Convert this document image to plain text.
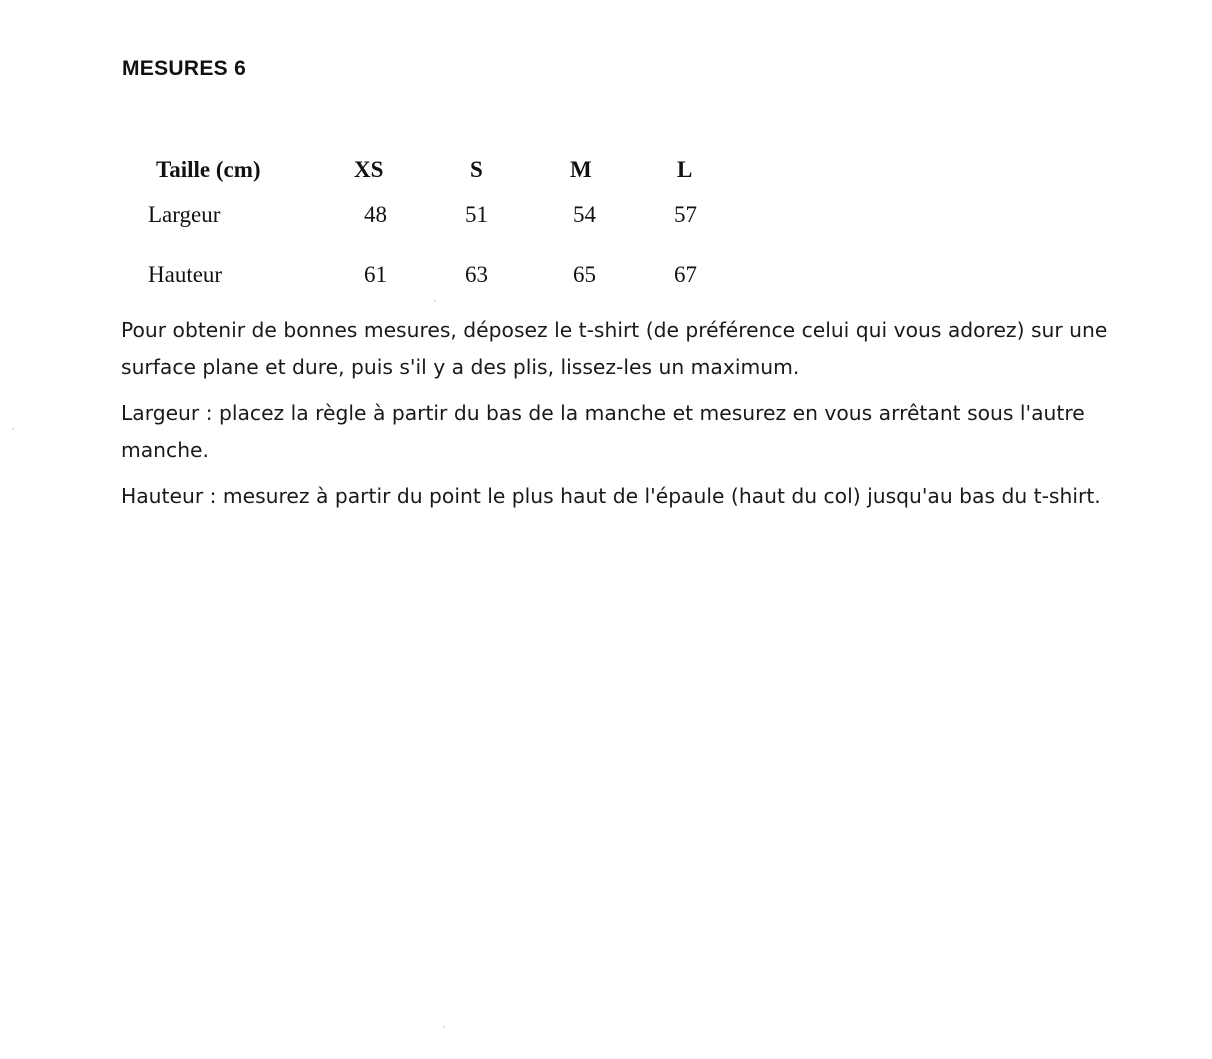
MESURES 6
Taille (cm)	XS	S	M	L
Largeur	48	51	54	57
Hauteur	61	63	65	67

Pour obtenir de bonnes mesures, déposez le t-shirt (de préférence celui qui vous adorez) sur une surface plane et dure, puis s'il y a des plis, lissez-les un maximum.

Largeur : placez la règle à partir du bas de la manche et mesurez en vous arrêtant sous l'autre manche.

Hauteur : mesurez à partir du point le plus haut de l'épaule (haut du col) jusqu'au bas du t-shirt.
